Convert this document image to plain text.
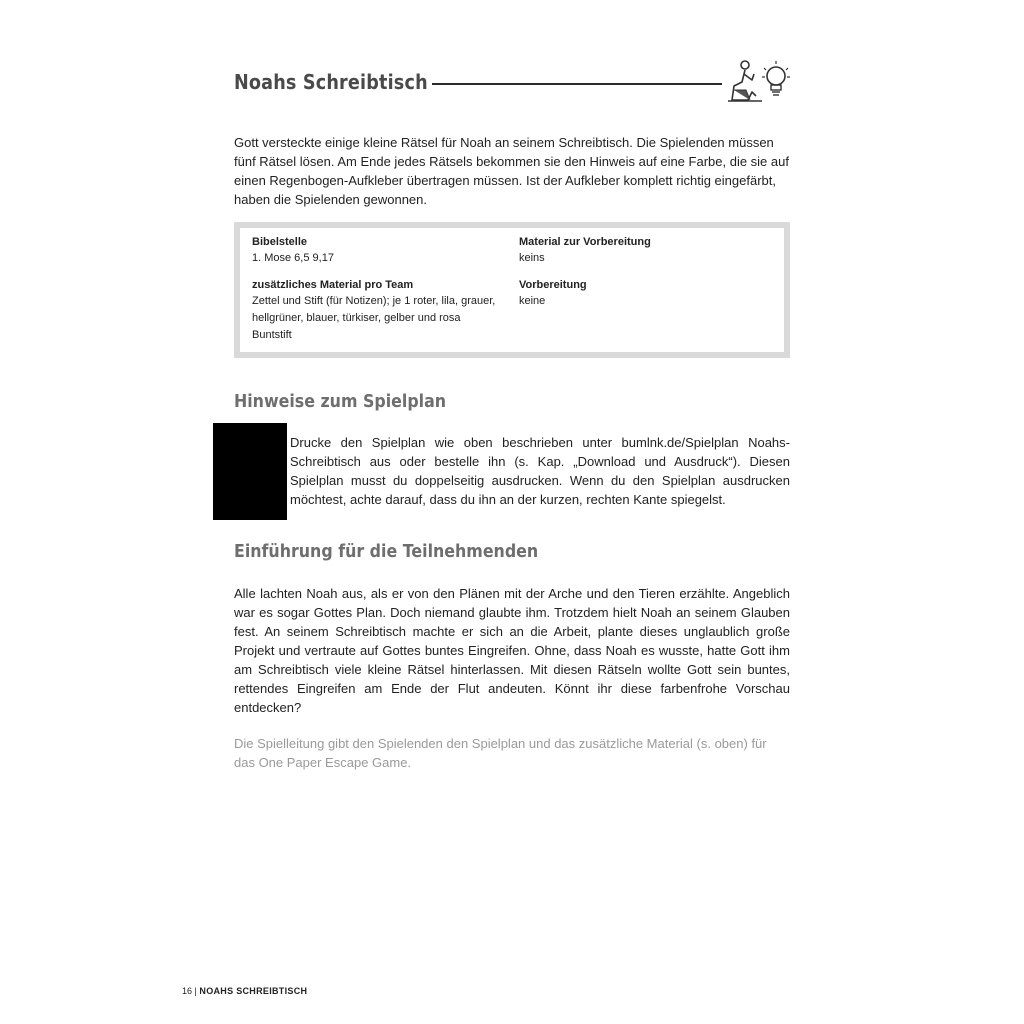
Noahs Schreibtisch
Gott versteckte einige kleine Rätsel für Noah an seinem Schreibtisch. Die Spielenden müssen fünf Rätsel lösen. Am Ende jedes Rätsels bekommen sie den Hinweis auf eine Farbe, die sie auf einen Regenbogen-Aufkleber übertragen müssen. Ist der Aufkleber komplett richtig eingefärbt, haben die Spielenden gewonnen.
Bibelstelle
1. Mose 6,5 9,17
zusätzliches Material pro Team
Zettel und Stift (für Notizen); je 1 roter, lila, grauer, hellgrüner, blauer, türkiser, gelber und rosa Buntstift
Material zur Vorbereitung
keins
Vorbereitung
keine
Hinweise zum Spielplan
Drucke den Spielplan wie oben beschrieben unter bumlnk.de/Spielplan Noahs-Schreibtisch aus oder bestelle ihn (s. Kap. „Download und Ausdruck“). Diesen Spielplan musst du doppelseitig ausdrucken. Wenn du den Spielplan ausdrucken möchtest, achte darauf, dass du ihn an der kurzen, rechten Kante spiegelst.
Einführung für die Teilnehmenden
Alle lachten Noah aus, als er von den Plänen mit der Arche und den Tieren erzählte. Angeblich war es sogar Gottes Plan. Doch niemand glaubte ihm. Trotzdem hielt Noah an seinem Glauben fest. An seinem Schreibtisch machte er sich an die Arbeit, plante dieses unglaublich große Projekt und vertraute auf Gottes buntes Eingreifen. Ohne, dass Noah es wusste, hatte Gott ihm am Schreibtisch viele kleine Rätsel hinterlassen. Mit diesen Rätseln wollte Gott sein buntes, rettendes Eingreifen am Ende der Flut andeuten. Könnt ihr diese farbenfrohe Vorschau entdecken?
Die Spielleitung gibt den Spielenden den Spielplan und das zusätzliche Material (s. oben) für das One Paper Escape Game.
16 | NOAHS SCHREIBTISCH
